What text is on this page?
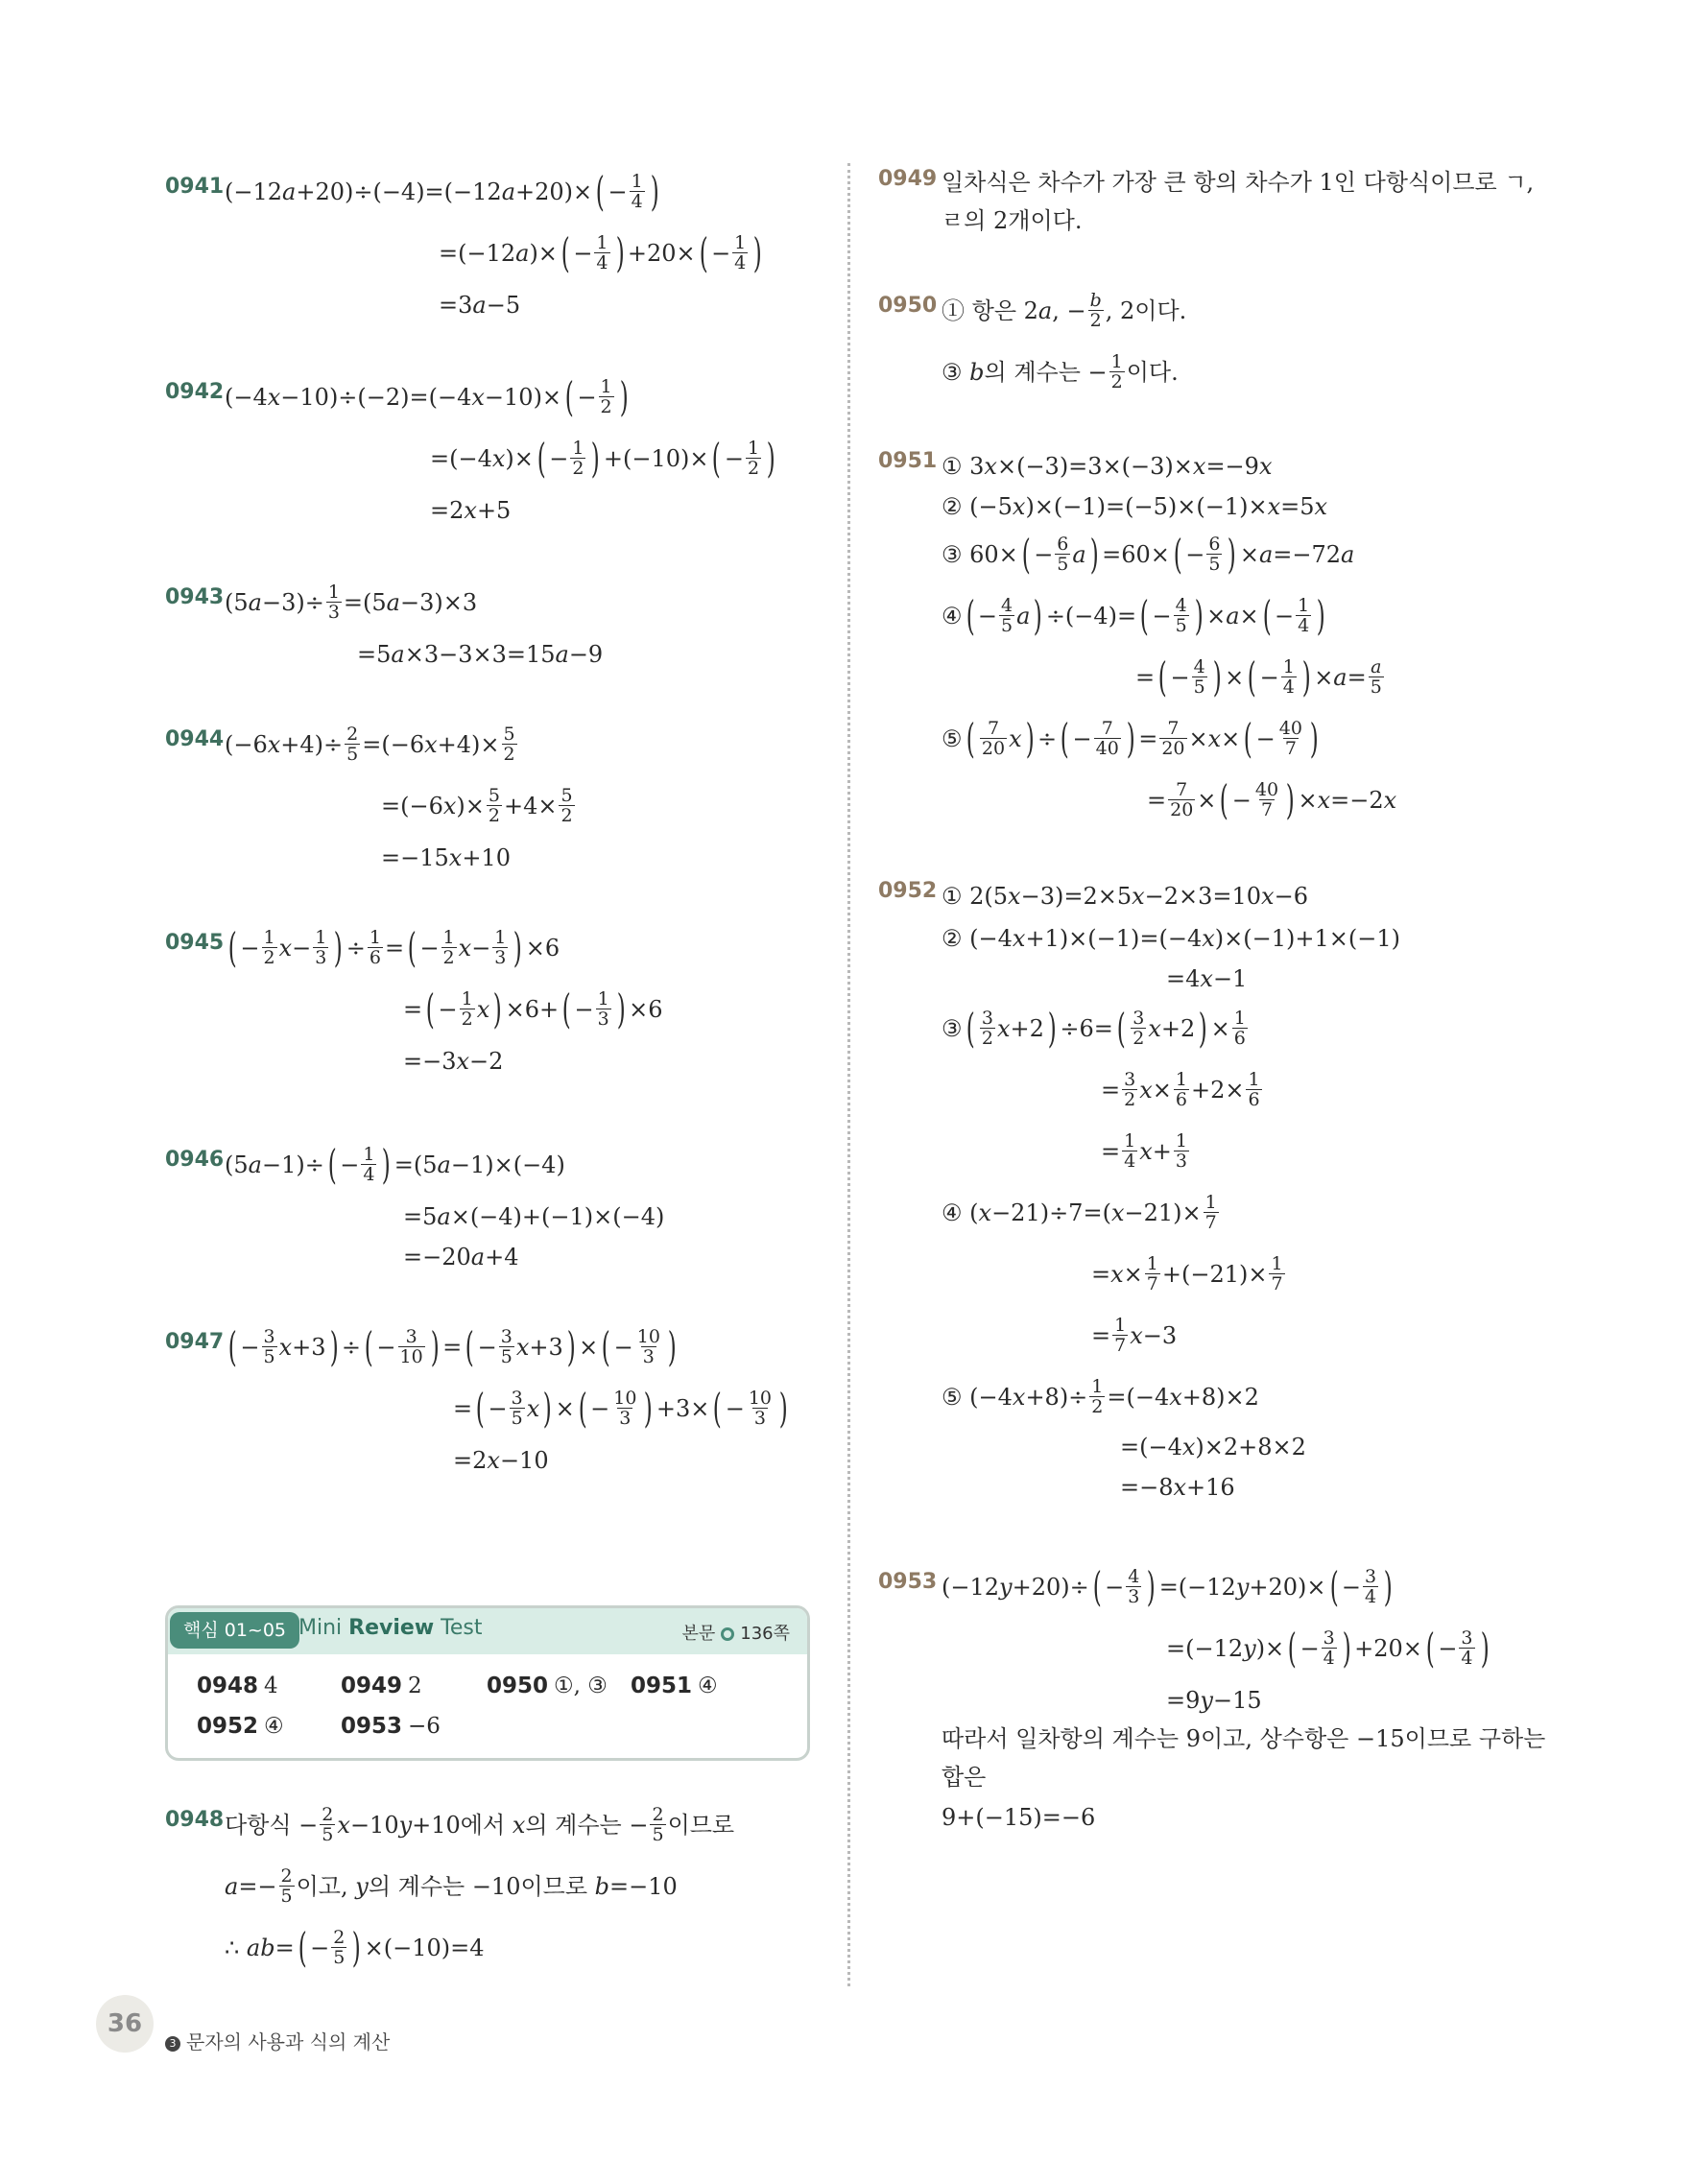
0941 $(-12a+20)\div(-4)=(-12a+20)\times( - \frac{1}{4}$ )
$=(-12a)\times( - \frac{1}{4}$ ) $+20\times( - \frac{1}{4}$ )
=3a−5
0942 $(-4x-10)\div(-2)=(-4x-10)\times( - \frac{1}{2}$ )
$=(-4x)\times( - \frac{1}{2}$ ) $+(-10)\times( - \frac{1}{2}$ )
=2x+5
0943 $(5a-3)\div \frac{1}{3} =(5a-3)\times 3$
=5a×3−3×3=15a−9
0944 $(-6x+4)\div \frac{2}{5} =(-6x+4)\times \frac{5}{2}$
$=(-6x)\times \frac{5}{2} +4\times \frac{5}{2}$
=−15x+10
0945 ( − $\frac{1}{2} x- \frac{1}{3}$ ) ÷ $\frac{1}{6}$ =( − $\frac{1}{2} x- \frac{1}{3}$ ) ×6
=( − $\frac{1}{2} x) \times 6+( - \frac{1}{3}$ ) ×6
=−3x−2
0946 $(5a-1)\div( - \frac{1}{4}$ ) =(5a−1)×(−4)
=5a×(−4)+(−1)×(−4)
=−20a+4
0947 ( − $\frac{3}{5} x+3$) ÷( − $\frac{3}{10}$ ) =( − $\frac{3}{5} x+3$) ×( − $\frac{10}{3}$ )
=( − $\frac{3}{5} x$) ×( − $\frac{10}{3}$ ) $+3\times( - \frac{10}{3}$ )
=2x−10
핵심 01~05 Mini Review Test	본문 136쪽
0948 4	0949 2	0950 ①, ③ 0951 ④
0952 ④	0953 −6
0948 다항식 − $\frac{2}{5} x-10y+10$에서 x의 계수는 − $\frac{2}{5}$ 이므로
$a=- \frac{2}{5}$ 이고, y의 계수는 −10이므로 b=−10
∴ $ab=( - \frac{2}{5}$ ) ×(−10)=4
0949 일차식은 차수가 가장 큰 항의 차수가 1인 다항식이므로 ㄱ,
ㄹ의 2개이다.
0950 ① 항은 2a, − $\frac{b}{2}$ , 2이다.
③ b의 계수는 − $\frac{1}{2}$ 이다.
0951 ① 3x×(−3)=3×(−3)×x=−9x
② (−5x)×(−1)=(−5)×(−1)×x=5x
③ $60\times( - \frac{6}{5} a) =60\times( - \frac{6}{5}$ ) ×a=−72a
④( − $\frac{4}{5} a) \div(-4)=( - \frac{4}{5}$ ) $\times a\times( - \frac{1}{4}$ )
=( − $\frac{4}{5}$ ) ×( − $\frac{1}{4}$ ) $\times a= \frac{a}{5}$
⑤( $\frac{7}{20} x$) ÷( − $\frac{7}{40}$ ) = $\frac{7}{20} \times x\times( - \frac{40}{7}$ )
= $\frac{7}{20}$ ×( − $\frac{40}{7}$ ) ×x=−2x
0952 ① 2(5x−3)=2×5x−2×3=10x−6
② (−4x+1)×(−1)=(−4x)×(−1)+1×(−1)
=4x−1
③( $\frac{3}{2} x+2) \div 6=( \frac{3}{2} x+2) \times \frac{1}{6}$
= $\frac{3}{2} x\times \frac{1}{6} +2\times \frac{1}{6}$
= $\frac{1}{4} x+ \frac{1}{3}$
④ $(x-21)\div 7=(x-21)\times \frac{1}{7}$
$=x\times \frac{1}{7} +(-21)\times \frac{1}{7}$
= $\frac{1}{7} x-3$
⑤ $(-4x+8)\div \frac{1}{2} =(-4x+8)\times 2$
=(−4x)×2+8×2
=−8x+16
0953 $(-12y+20)\div( - \frac{4}{3}$ ) $=(-12y+20)\times( - \frac{3}{4}$ )
$=(-12y)\times( - \frac{3}{4}$ ) $+20\times( - \frac{3}{4}$ )
=9y−15
따라서 일차항의 계수는 9이고, 상수항은 −15이므로 구하는
합은
9+(−15)=−6
36
3 문자의 사용과 식의 계산
